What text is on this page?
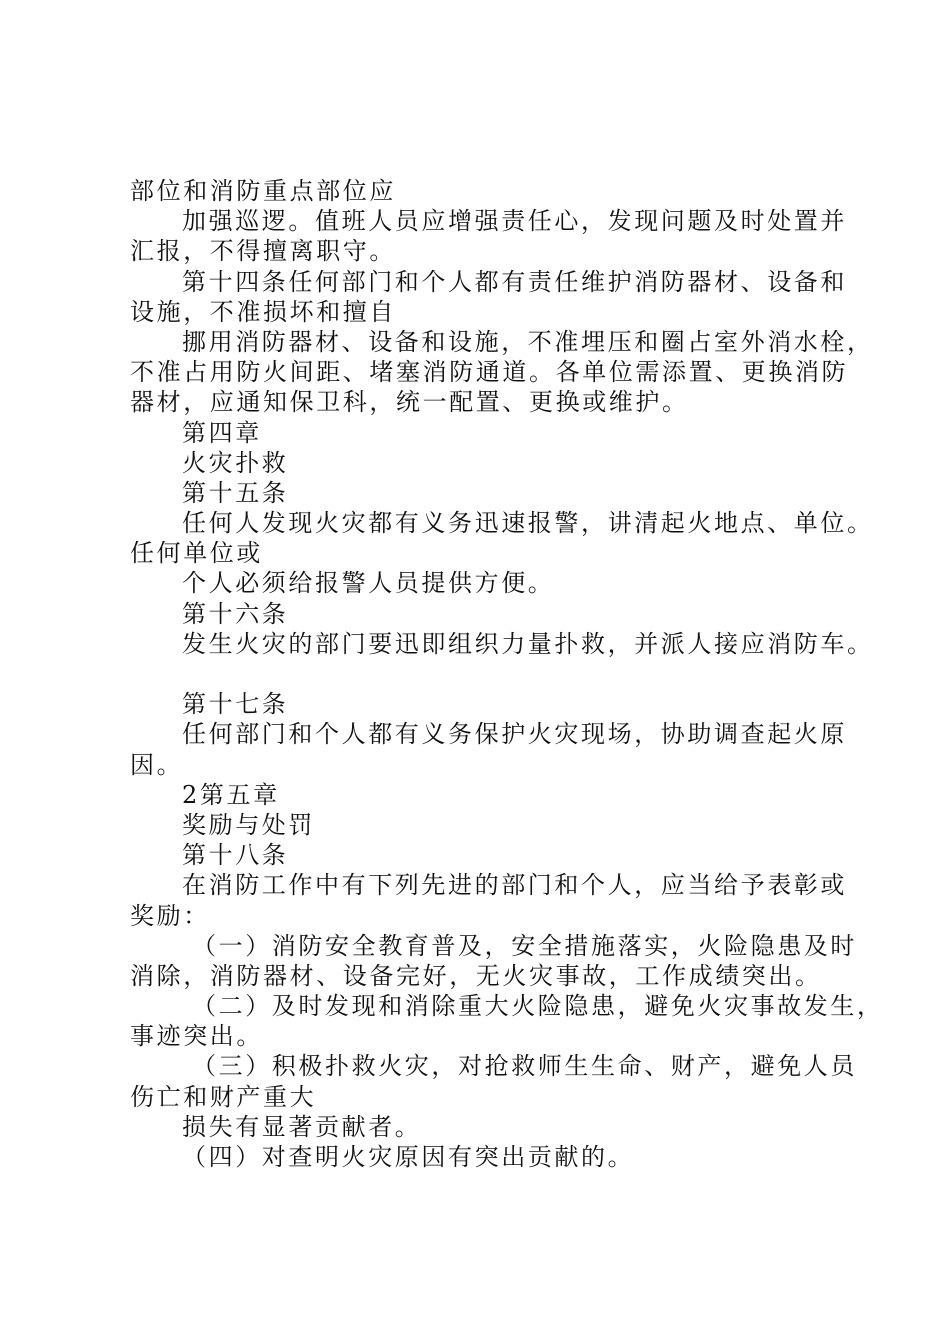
部位和消防重点部位应
加强巡逻。值班人员应增强责任心，发现问题及时处置并
汇报，不得擅离职守。
第十四条任何部门和个人都有责任维护消防器材、设备和
设施，不准损坏和擅自
挪用消防器材、设备和设施，不准埋压和圈占室外消水栓，
不准占用防火间距、堵塞消防通道。各单位需添置、更换消防
器材，应通知保卫科，统一配置、更换或维护。
第四章
火灾扑救
第十五条
任何人发现火灾都有义务迅速报警，讲清起火地点、单位。
任何单位或
个人必须给报警人员提供方便。
第十六条
发生火灾的部门要迅即组织力量扑救，并派人接应消防车。
第十七条
任何部门和个人都有义务保护火灾现场，协助调查起火原
因。
2第五章
奖励与处罚
第十八条
在消防工作中有下列先进的部门和个人，应当给予表彰或
奖励：
（一）消防安全教育普及，安全措施落实，火险隐患及时
消除，消防器材、设备完好，无火灾事故，工作成绩突出。
（二）及时发现和消除重大火险隐患，避免火灾事故发生，
事迹突出。
（三）积极扑救火灾，对抢救师生生命、财产，避免人员
伤亡和财产重大
损失有显著贡献者。
（四）对查明火灾原因有突出贡献的。
